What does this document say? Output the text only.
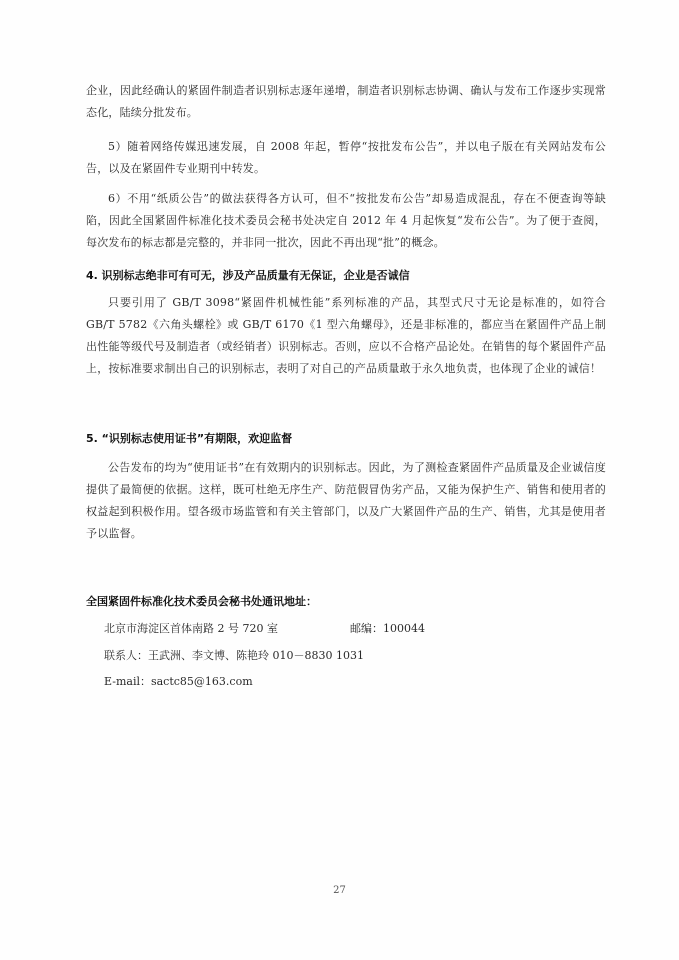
企业，因此经确认的紧固件制造者识别标志逐年递增，制造者识别标志协调、确认与发布工作逐步实现常态化，陆续分批发布。
5）随着网络传媒迅速发展，自 2008 年起，暂停“按批发布公告”，并以电子版在有关网站发布公告，以及在紧固件专业期刊中转发。
6）不用“纸质公告”的做法获得各方认可，但不“按批发布公告”却易造成混乱，存在不便查询等缺陷，因此全国紧固件标准化技术委员会秘书处决定自 2012 年 4 月起恢复“发布公告”。为了便于查阅，每次发布的标志都是完整的，并非同一批次，因此不再出现“批”的概念。
4. 识别标志绝非可有可无，涉及产品质量有无保证，企业是否诚信
只要引用了 GB/T 3098“紧固件机械性能”系列标准的产品，其型式尺寸无论是标准的，如符合 GB/T 5782《六角头螺栓》或 GB/T 6170《1 型六角螺母》，还是非标准的，都应当在紧固件产品上制出性能等级代号及制造者（或经销者）识别标志。否则，应以不合格产品论处。在销售的每个紧固件产品上，按标准要求制出自己的识别标志，表明了对自己的产品质量敢于永久地负责，也体现了企业的诚信！
5. “识别标志使用证书”有期限，欢迎监督
公告发布的均为“使用证书”在有效期内的识别标志。因此，为了测检查紧固件产品质量及企业诚信度提供了最简便的依据。这样，既可杜绝无序生产、防范假冒伪劣产品，又能为保护生产、销售和使用者的权益起到积极作用。望各级市场监管和有关主管部门，以及广大紧固件产品的生产、销售，尤其是使用者予以监督。
全国紧固件标准化技术委员会秘书处通讯地址：
北京市海淀区首体南路 2 号 720 室	邮编：100044
联系人：王武洲、李文博、陈艳玲 010－8830 1031
E-mail：sactc85@163.com
27
